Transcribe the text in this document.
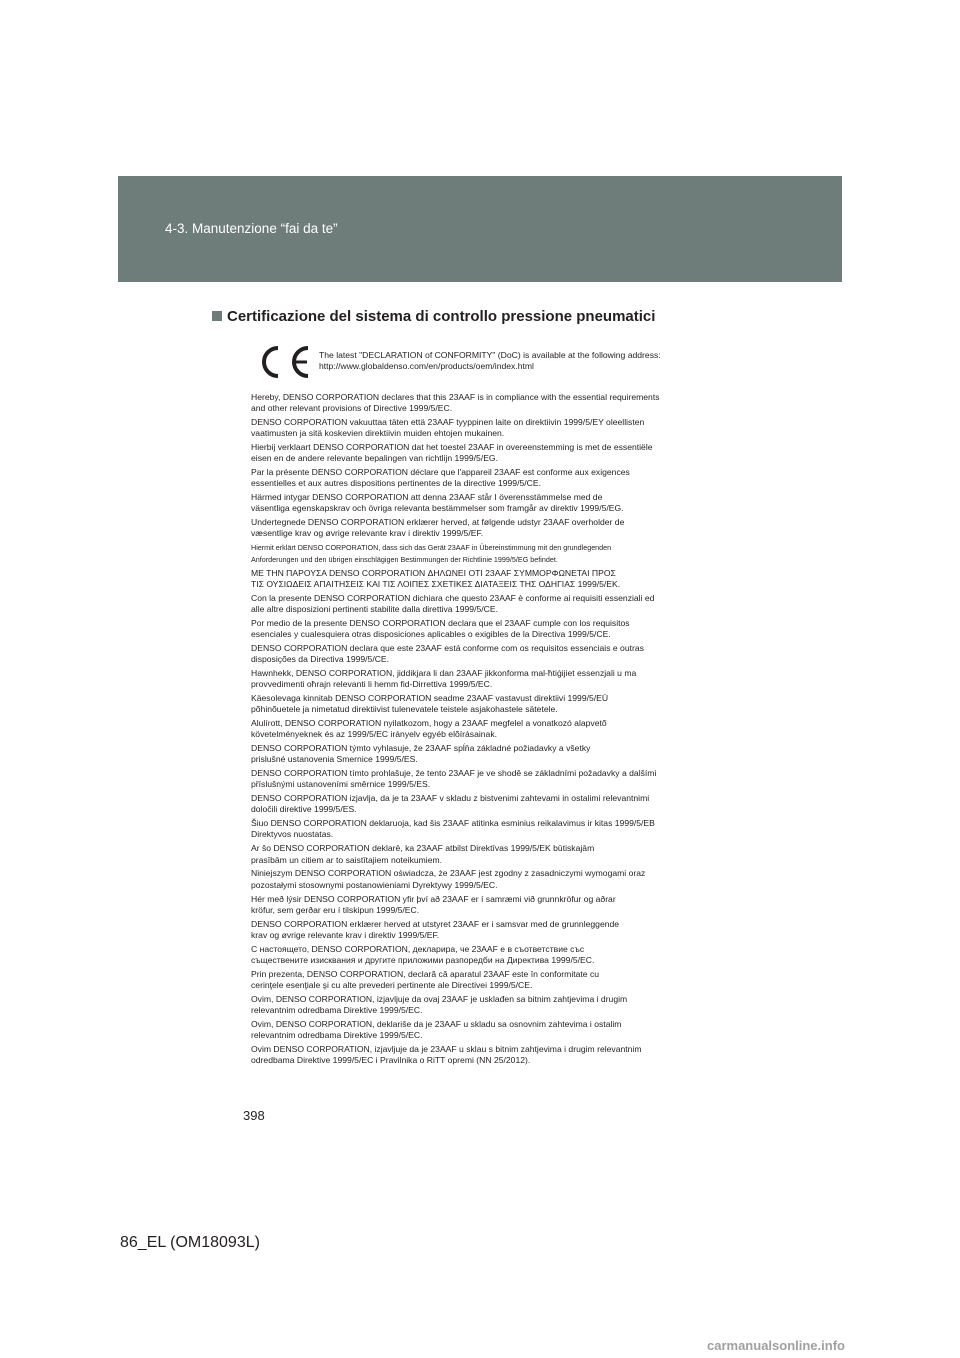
4-3. Manutenzione “fai da te”
Certificazione del sistema di controllo pressione pneumatici
The latest "DECLARATION of CONFORMITY" (DoC) is available at the following address:
http://www.globaldenso.com/en/products/oem/index.html
Hereby, DENSO CORPORATION declares that this 23AAF is in compliance with the essential requirements
and other relevant provisions of Directive 1999/5/EC.
DENSO CORPORATION vakuuttaa täten että 23AAF tyyppinen laite on direktiivin 1999/5/EY oleellisten
vaatimusten ja sitä koskevien direktiivin muiden ehtojen mukainen.
Hierbij verklaart DENSO CORPORATION dat het toestel 23AAF in overeenstemming is met de essentiële
eisen en de andere relevante bepalingen van richtlijn 1999/5/EG.
Par la présente DENSO CORPORATION déclare que l'appareil 23AAF est conforme aux exigences
essentielles et aux autres dispositions pertinentes de la directive 1999/5/CE.
Härmed intygar DENSO CORPORATION att denna 23AAF står I överensstämmelse med de
väsentliga egenskapskrav och övriga relevanta bestämmelser som framgår av direktiv 1999/5/EG.
Undertegnede DENSO CORPORATION erklærer herved, at følgende udstyr 23AAF overholder de
væsentlige krav og øvrige relevante krav i direktiv 1999/5/EF.
Hiermit erklärt DENSO CORPORATION, dass sich das Gerät 23AAF in Übereinstimmung mit den grundlegenden
Anforderungen und den übrigen einschlägigen Bestimmungen der Richtlinie 1999/5/EG befindet.
ΜΕ ΤΗΝ ΠΑΡΟΥΣΑ DENSO CORPORATION ΔΗΛΩΝΕΙ ΟΤΙ 23AAF ΣΥΜΜΟΡΦΩΝΕΤΑΙ ΠΡΟΣ
ΤΙΣ ΟΥΣΙΩΔΕΙΣ ΑΠΑΙΤΗΣΕΙΣ ΚΑΙ ΤΙΣ ΛΟΙΠΕΣ ΣΧΕΤΙΚΕΣ ΔΙΑΤΑΞΕΙΣ ΤΗΣ ΟΔΗΓΙΑΣ 1999/5/ΕΚ.
Con la presente DENSO CORPORATION dichiara che questo 23AAF è conforme ai requisiti essenziali ed
alle altre disposizioni pertinenti stabilite dalla direttiva 1999/5/CE.
Por medio de la presente DENSO CORPORATION declara que el 23AAF cumple con los requisitos
esenciales y cualesquiera otras disposiciones aplicables o exigibles de la Directiva 1999/5/CE.
DENSO CORPORATION declara que este 23AAF está conforme com os requisitos essenciais e outras
disposições da Directiva 1999/5/CE.
Hawnhekk, DENSO CORPORATION, jiddikjara li dan 23AAF jikkonforma mal-ħtiġijiet essenzjali u ma
provvedimenti oħrajn relevanti li hemm fid-Dirrettiva 1999/5/EC.
Käesolevaga kinnitab DENSO CORPORATION seadme 23AAF vastavust direktiivi 1999/5/EÜ
põhinõuetele ja nimetatud direktiivist tulenevatele teistele asjakohastele sätetele.
Alulírott, DENSO CORPORATION nyilatkozom, hogy a 23AAF megfelel a vonatkozó alapvetõ
követelményeknek és az 1999/5/EC irányelv egyéb elõírásainak.
DENSO CORPORATION týmto vyhlasuje, že 23AAF spĺňa základné požiadavky a všetky
prislušné ustanovenia Smernice 1999/5/ES.
DENSO CORPORATION tímto prohlašuje, že tento 23AAF je ve shodě se základními požadavky a dalšími
příslušnými ustanoveními směrnice 1999/5/ES.
DENSO CORPORATION izjavlja, da je ta 23AAF v skladu z bistvenimi zahtevami in ostalimi relevantnimi
določili direktive 1999/5/ES.
Šiuo DENSO CORPORATION deklaruoja, kad šis 23AAF atitinka esminius reikalavimus ir kitas 1999/5/EB
Direktyvos nuostatas.
Ar šo DENSO CORPORATION deklarē, ka 23AAF atbilst Direktīvas 1999/5/EK būtiskajām
prasībām un citiem ar to saistītajiem noteikumiem.
Niniejszym DENSO CORPORATION oświadcza, że 23AAF jest zgodny z zasadniczymi wymogami oraz
pozostałymi stosownymi postanowieniami Dyrektywy 1999/5/EC.
Hér með lýsir DENSO CORPORATION yfir því að 23AAF er í samræmi við grunnkröfur og aðrar
kröfur, sem gerðar eru í tilskipun 1999/5/EC.
DENSO CORPORATION erklærer herved at utstyret 23AAF er i samsvar med de grunnleggende
krav og øvrige relevante krav i direktiv 1999/5/EF.
С настоящето, DENSO CORPORATION, декларира, че 23AAF е в съответствие със
съществените изисквания и другите приложими разпоредби на Директива 1999/5/EC.
Prin prezenta, DENSO CORPORATION, declară că aparatul 23AAF este în conformitate cu
cerinţele esenţiale şi cu alte prevederi pertinente ale Directivei 1999/5/CE.
Ovim, DENSO CORPORATION, izjavljuje da ovaj 23AAF je usklađen sa bitnim zahtjevima i drugim
relevantnim odredbama Direktive 1999/5/EC.
Ovim, DENSO CORPORATION, deklariše da je 23AAF u skladu sa osnovnim zahtevima i ostalim
relevantnim odredbama Direktive 1999/5/EC.
Ovim DENSO CORPORATION, izjavljuje da je 23AAF u sklau s bitnim zahtjevima i drugim relevantnim
odredbama Direktive 1999/5/EC i Pravilnika o RiTT opremi (NN 25/2012).
398
86_EL (OM18093L)
carmanualsonline.info
